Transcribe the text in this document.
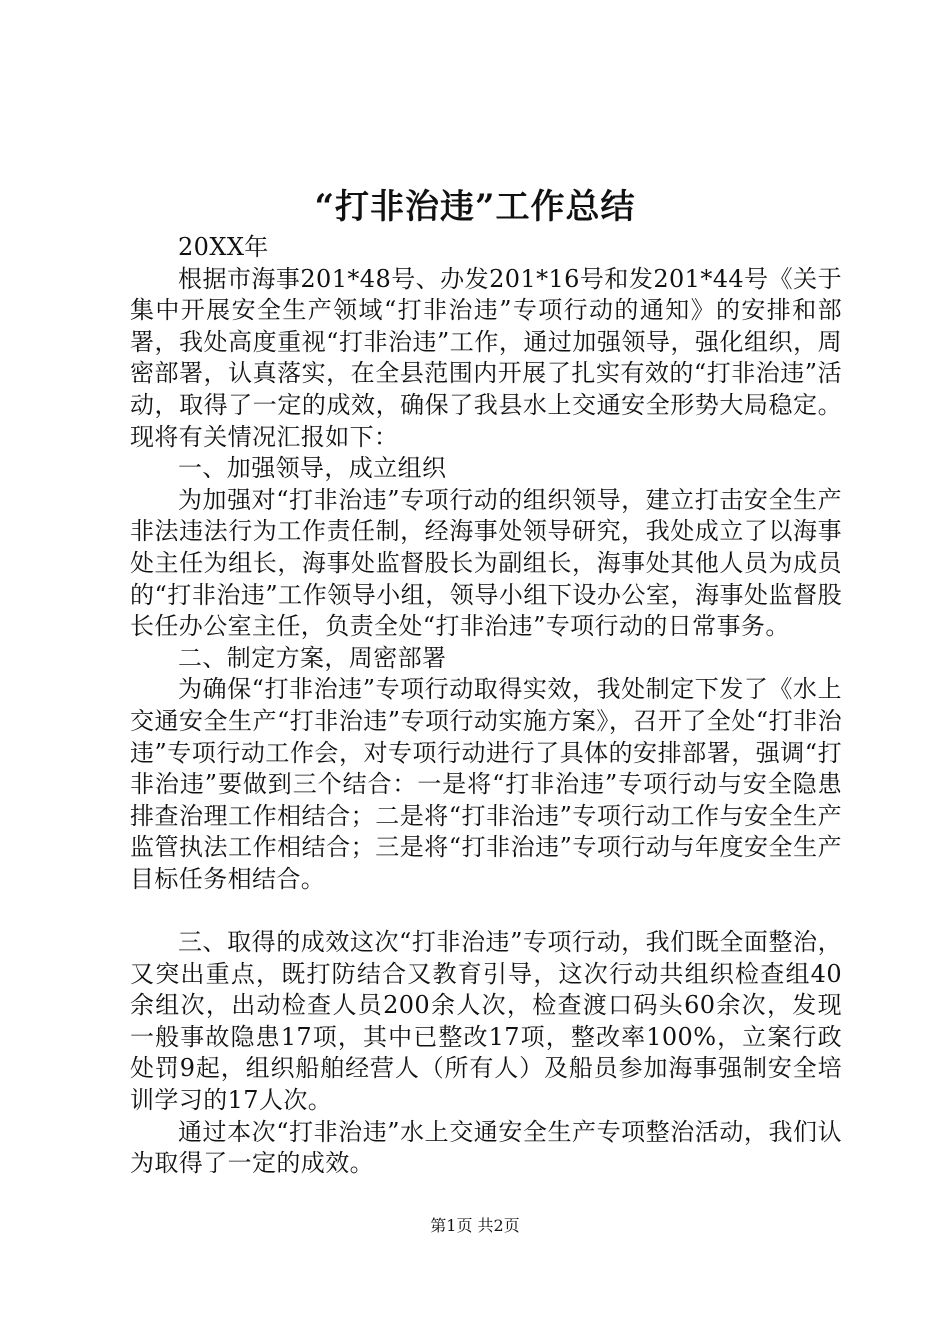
“打非治违”工作总结

20XX年

根据市海事201*48号、办发201*16号和发201*44号《关于集中开展安全生产领域“打非治违”专项行动的通知》的安排和部署，我处高度重视“打非治违”工作，通过加强领导，强化组织，周密部署，认真落实，在全县范围内开展了扎实有效的“打非治违”活动，取得了一定的成效，确保了我县水上交通安全形势大局稳定。现将有关情况汇报如下：

一、加强领导，成立组织

为加强对“打非治违”专项行动的组织领导，建立打击安全生产非法违法行为工作责任制，经海事处领导研究，我处成立了以海事处主任为组长，海事处监督股长为副组长，海事处其他人员为成员的“打非治违”工作领导小组，领导小组下设办公室，海事处监督股长任办公室主任，负责全处“打非治违”专项行动的日常事务。

二、制定方案，周密部署

为确保“打非治违”专项行动取得实效，我处制定下发了《水上交通安全生产“打非治违”专项行动实施方案》，召开了全处“打非治违”专项行动工作会，对专项行动进行了具体的安排部署，强调“打非治违”要做到三个结合：一是将“打非治违”专项行动与安全隐患排查治理工作相结合；二是将“打非治违”专项行动工作与安全生产监管执法工作相结合；三是将“打非治违”专项行动与年度安全生产目标任务相结合。

三、取得的成效这次“打非治违”专项行动，我们既全面整治，又突出重点，既打防结合又教育引导，这次行动共组织检查组40余组次，出动检查人员200余人次，检查渡口码头60余次，发现一般事故隐患17项，其中已整改17项，整改率100%，立案行政处罚9起，组织船舶经营人（所有人）及船员参加海事强制安全培训学习的17人次。

通过本次“打非治违”水上交通安全生产专项整治活动，我们认为取得了一定的成效。

第1页 共2页
